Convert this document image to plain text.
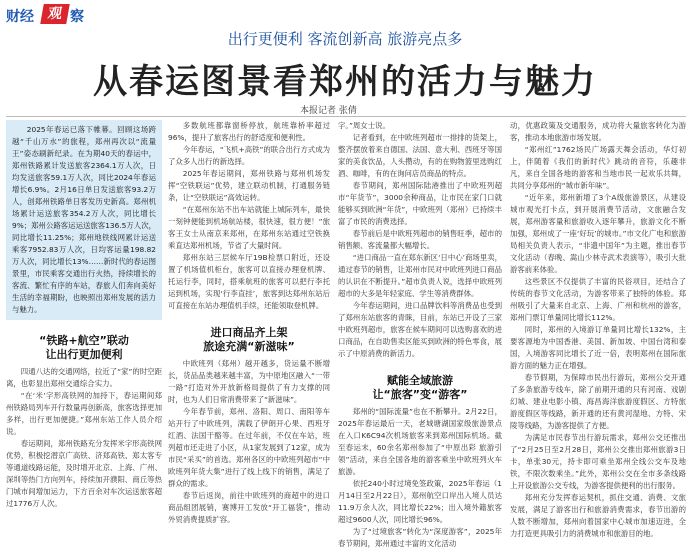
财经 观 察
出行更便利 客流创新高 旅游亮点多
从春运图景看郑州的活力与魅力
本报记者 张倩

2025年春运已落下帷幕。回顾这场跨越“千山万水”的旅程，郑州再次以“流量王”姿态刷新纪录。在为期40天的春运中，郑州铁路累计发送旅客2364.1万人次，日均发送旅客59.1万人次，同比2024年春运增长6.9%。2月16日单日发送旅客93.2万人，创郑州铁路单日客发历史新高。郑州机场累计运送旅客354.2万人次，同比增长9%；郑州公路客运运送旅客136.5万人次，同比增长11.25%；郑州地铁线网累计运送乘客7952.83万人次，日均客运量198.82万人次，同比增长13%……新时代的春运图景里，市民乘客交通出行火热，持续增长的客流、繁忙有序的车站，春旅人们奔向美好生活的幸福期盼，也映照出郑州发展的活力与魅力。

“铁路+航空”联动
让出行更加便利

四通八达的交通网络，拉近了“家”的时空距离，也彰显出郑州交通综合实力。

“在‘米’字形高铁网的加持下，春运期间郑州铁路局列车开行数量再创新高，旅客选择更加多样，出行更加便捷。”郑州东站工作人员介绍说。

春运期间，郑州铁路充分发挥米字形高铁网优势，积极挖潜京广高铁、济郑高铁、郑太客专等通道线路运能，及时增开北京、上海、广州、深圳等热门方向列车，持续加开濮阳、商丘等热门城市间增加运力，下方百余对车次运送旅客超过1776万人次。

多数航班都靠窗桥停放，航班靠桥率超过96%，提升了旅客出行的舒适度和便利性。

今年春运，“飞机+高铁”的联合出行方式成为了众多人出行的新选择。

2025年春运期间，郑州铁路与郑州机场发挥“空铁联运”优势，建立联动机制，打通服务链条，让“空铁联运”高效运转。

“在郑州东站不出车站就能上城际列车，最快一刻钟便能到机场航站楼，很快速，很方便！”旅客王女士从南京来郑州，在郑州东站通过空铁换乘直达郑州机场，节省了大量时间。

郑州东站三层候车厅19B检票口附近，还设置了机场值机柜台，旅客可以直接办理登机牌、托运行李，同时，搭乘航班的旅客可以把行李托运到机场，实现‘行李直挂’，旅客到达郑州东站后可直接在东站办理值机手续，还能领取登机牌。

进口商品齐上架
旅途充满“新滋味”

中欧班列（郑州）越开越多，货运量不断增长，货品品类越来越丰富，为中原地区融入“一带一路”打造对外开放新格局提供了有力支撑的同时，也为人们日常消费带来了“新滋味”。

今年春节前，郑州、洛阳、周口、南阳等车站开行了中欧班列，满载了伊朗开心果、西班牙红酒、法国干酪等。在过年前，不仅在车站，班列超市还走进了小区，从1家发展到了12家，成为市民“采买”的首选。郑州各区的中欧班列超市“中欧班列年货大集”进行了线上线下的销售，满足了群众的需求。

春节后返岗，前往中欧班列的商超中的进口商品组团展销，赛博开工发放“开工福袋”，推动外贸消费提质扩容。

字。”周女士说。

记者看到，在中欧班列超市一排排的货架上，整齐摆放着来自德国、法国、意大利、西班牙等国家的美食饮品，人头攒动，有的在购物篮里选购红酒、咖啡，有的在询问店员商品的特点。

春节期间，郑州国际陆港推出了中欧班列超市“年货节”，3000余种商品，让市民在家门口就能够买到欧洲“年货”，中欧班列（郑州）已持续丰富了市民的消费选择。

春节前后是中欧班列超市的销售旺季，超市的销售额、客流量都大幅增长。

“进口商品一直在郑东新区‘日中心’商场里卖，通过春节的销售，让郑州市民对中欧班列进口商品的认识在不断提升。”超市负责人说，选择中欧班列超市的大多是年轻家庭、学生等消费群体。

今年春运期间，进口品牌饮料等消费品也受到了郑州东站旅客的青睐，目前，东站已开设了三家中欧班列超市，旅客在候车期间可以选购喜欢的进口商品，在自助售卖区能买到欧洲的特色零食，展示了中原消费的新活力。

赋能全域旅游
让“旅客”变“游客”

郑州的“国际流量”也在不断攀升。2月22日，2025年春运最后一天，老城塘湖国家级旅游景点在入口K6C94次机场旅客来到郑州国际机场。截至春运末，60余名郑州参加了“中原出彩 旅游引领”活动，来自全国各地的游客乘坐中欧班列火车旅游。

依托240小时过境免签政策，2025年春运（1月14日至2月22日），郑州航空口岸出入境人员达11.9万余人次，同比增长22%；出入境外籍旅客超过9600人次，同比增长96%。

为了“过境旅客”转化为“深度游客”，2025年春节期间，郑州通过丰富的文化活动

动，优惠政策及交通服务，成功将大量旅客转化为游客，推动本地旅游市场发展。

“郑州红”1762场民广场露天舞会活动，华灯初上，伴随着《我们的新时代》跳动的音符，乐趣非凡，来自全国各地的游客和当地市民一起欢乐共舞，共同分享郑州的“城市新年味”。

“近年来，郑州新增了3个A级旅游景区，从建设城市观光打卡点，到开展消费节活动，文旅融合发展，郑州游客量和旅游收入逐年攀升，旅游文化不断加强，郑州成了一座‘好玩’的城市。”市文化广电和旅游局相关负责人表示，“非遗中国年”为主题，推出春节文化活动（春晚、嵩山少林寺武术表演等），吸引大批游客前来体验。

这些景区不仅提供了丰富的民俗项目，还结合了传统的春节文化活动，为游客带来了独特的体验。郑州吸引了大量来自北京、上海、广州和杭州的游客，郑州门票订单量同比增长112%。

同时，郑州的入境游订单量同比增长132%，主要客源地为中国香港、美国、新加坡、中国台湾和泰国，入境游客同比增长了近一倍，表明郑州在国际旅游方面的魅力正在增强。

春节假期，为保障市民出行游玩，郑州公交开通了多条旅游专线车，除了前期开通的只有河南、戏剧幻城、建业电影小镇、海昌海洋旅游度假区、方特旅游度假区等线路，新开通的还有黄河湿地、方特、宋陵等线路，为游客提供了方便。

为满足市民春节出行游玩需求，郑州公交还推出了“2月25日至2月28日，郑州公交推出郑州旅游3日卡，单张30元，持卡即可乘坐郑州全线公交车及地铁，不限次数乘坐。”此外，郑州公交在全市多条线路上开设旅游公交专线，为游客提供便利的出行服务。

郑州充分发挥春运契机，抓住交通、消费、文旅发展，满足了游客出行和旅游消费需求，春节出游的人数不断增加，郑州向着国家中心城市加速迈进，全力打造更具吸引力的消费城市和旅游目的地。
